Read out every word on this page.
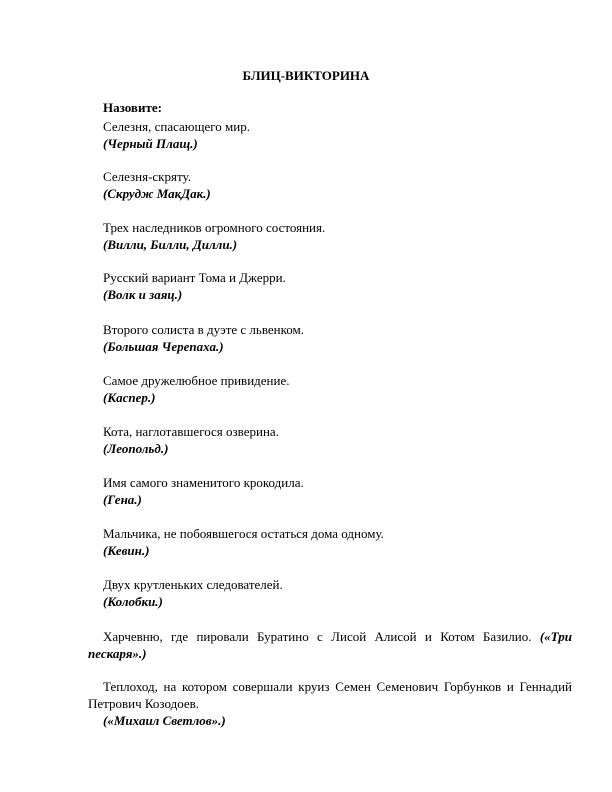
БЛИЦ-ВИКТОРИНА
Назовите:
Селезня, спасающего мир.
(Черный Плащ.)
Селезня-скряту.
(Скрудж МакДак.)
Трех наследников огромного состояния.
(Вилли, Билли, Дилли.)
Русский вариант Тома и Джерри.
(Волк и заяц.)
Второго солиста в дуэте с львенком.
(Большая Черепаха.)
Самое дружелюбное привидение.
(Каспер.)
Кота, наглотавшегося озверина.
(Леопольд.)
Имя самого знаменитого крокодила.
(Гена.)
Мальчика, не побоявшегося остаться дома одному.
(Кевин.)
Двух крутленьких следователей.
(Колобки.)
Харчевню, где пировали Буратино с Лисой Алисой и Котом Базилио. («Три пескаря».)
Теплоход, на котором совершали круиз Семен Семенович Горбунков и Геннадий Петрович Козодоев.
(«Михаил Светлов».)
